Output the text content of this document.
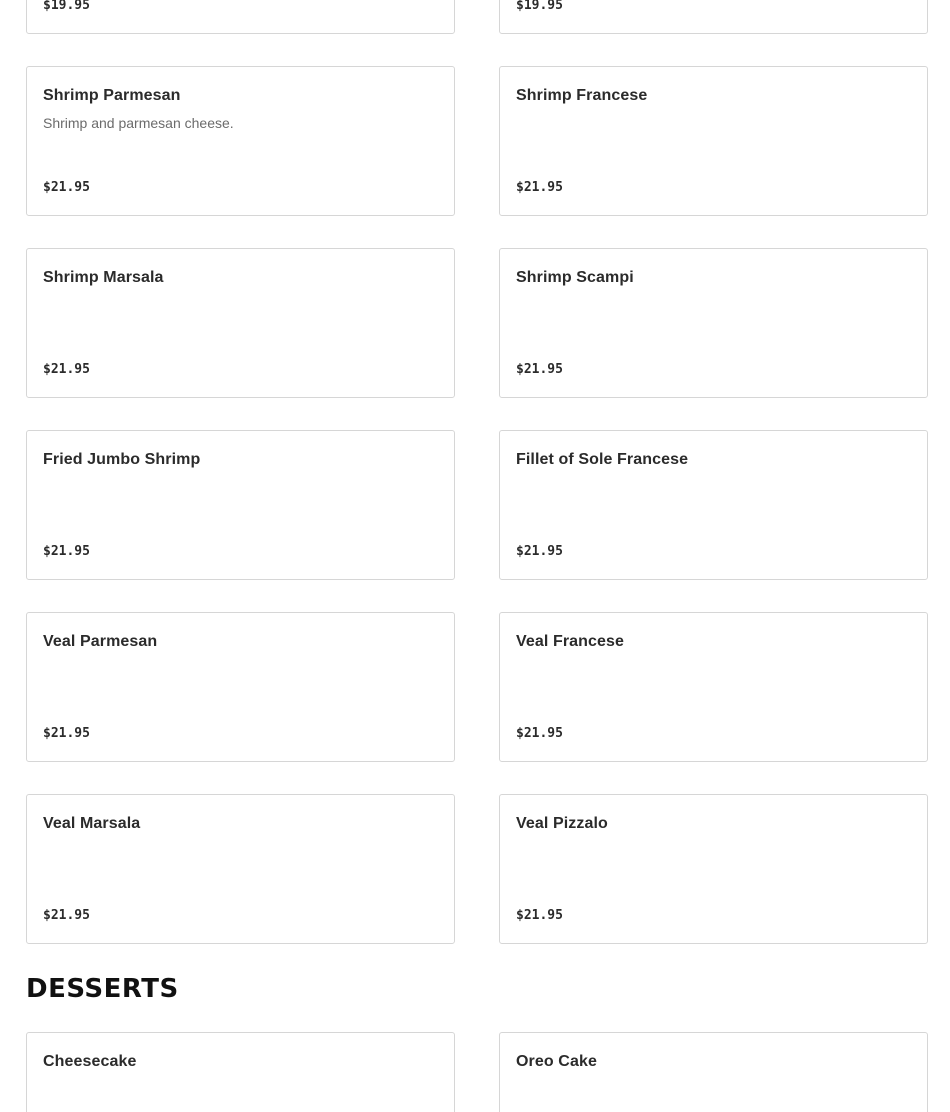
$19.95	$19.95
Shrimp Parmesan
Shrimp and parmesan cheese.
$21.95
Shrimp Francese
$21.95
Shrimp Marsala
$21.95
Shrimp Scampi
$21.95
Fried Jumbo Shrimp
$21.95
Fillet of Sole Francese
$21.95
Veal Parmesan
$21.95
Veal Francese
$21.95
Veal Marsala
$21.95
Veal Pizzalo
$21.95
DESSERTS
Cheesecake	Oreo Cake
